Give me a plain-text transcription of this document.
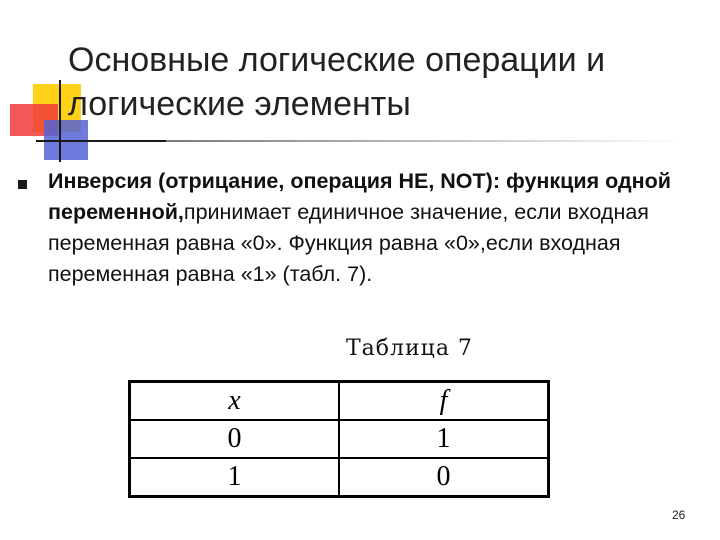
Основные логические операции и
логические элементы
Инверсия (отрицание, операция НЕ, NOT): функция одной переменной,принимает единичное значение, если входная переменная равна «0». Функция равна «0»,если входная переменная равна «1» (табл. 7).
Таблица 7
x	f
0	1
1	0
26
